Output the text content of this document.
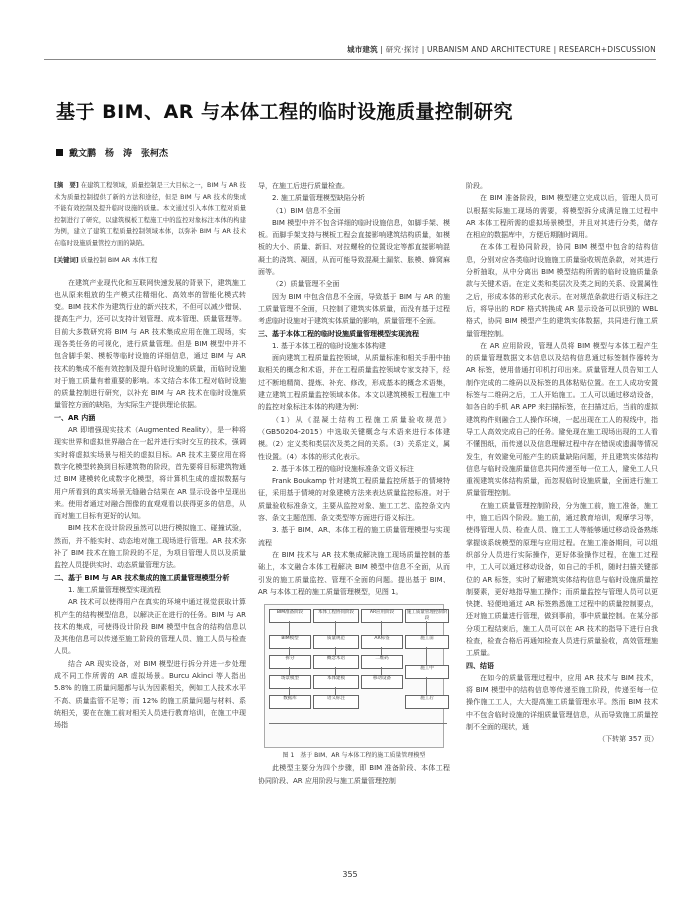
城市建筑 | 研究·探讨 | URBANISM AND ARCHITECTURE | RESEARCH+DISCUSSION
基于 BIM、AR 与本体工程的临时设施质量控制研究
戴文鹏　杨　涛　张柯杰

[摘　要] 在建筑工程领域，质量控制是三大目标之一，BIM 与 AR 技术为质量控制提供了新的方法和途径，但是 BIM 与 AR 技术的集成不能有效控制及提升临时设施的质量。本文通过引入本体工程对质量控制进行了研究，以建筑模板工程施工中的监控对象标注本体的构建为例，建立了建筑工程质量控制领域本体，以弥补 BIM 与 AR 技术在临时设施质量管控方面的缺陷。

[关键词] 质量控制 BIM AR 本体工程

在建筑产业现代化和互联网快速发展的背景下，建筑施工也从原来粗放的生产模式往精细化、高效率的智能化模式转变。BIM 技术作为建筑行业的新兴技术，不但可以减少错误、提高生产力，还可以支持计划管理、成本管理、质量管理等。目前大多数研究将 BIM 与 AR 技术集成应用在施工现场，实现各类任务的可视化，进行质量管理。但是 BIM 模型中并不包含脚手架、模板等临时设施的详细信息，通过 BIM 与 AR 技术的集成不能有效控制及提升临时设施的质量，而临时设施对于施工质量有着重要的影响。本文结合本体工程对临时设施的质量控制进行研究，以补充 BIM 与 AR 技术在临时设施质量管控方面的缺陷，为实际生产提供理论依据。

一、AR 内涵

AR 即增强现实技术（Augmented Reality），是一种将现实世界和虚拟世界融合在一起并进行实时交互的技术，强调实时将虚拟实场景与相关的虚拟目标。AR 技术主要应用在将数字化模型转换到目标建筑物的阶段，首先要将目标建筑物通过 BIM 建模转化成数字化模型，将计算机生成的虚拟数据与用户所看到的真实场景无缝融合结果在 AR 显示设备中呈现出来。使用者通过对融合图像的直观观看以获得更多的信息，从而对施工目标有更好的认知。

BIM 技术在设计阶段虽然可以进行模拟施工、碰撞试验，然而，并不能实时、动态地对施工现场进行管理。AR 技术弥补了 BIM 技术在施工阶段的不足，为项目管理人员以及质量监控人员提供实时、动态质量管理方法。

二、基于 BIM 与 AR 技术集成的施工质量管理模型分析

1. 施工质量管理模型实现流程

AR 技术可以使得用户在真实的环境中通过视觉获取计算机产生的结构模型信息，以解决正在进行的任务。BIM 与 AR 技术的集成，可使得设计阶段 BIM 模型中包含的结构信息以及其他信息可以传递至施工阶段的管理人员、施工人员与检查人员。

结合 AR 现实设备，对 BIM 模型进行拆分并进一步处理成不同工作所需的 AR 虚拟场景。Burcu Akinci 等人指出 5.8% 的施工质量问题都与认为因素相关，例如工人技术水平不高、质量监管不足等；而 12% 的施工质量问题与材料、系统相关，要在在施工前对相关人员进行教育培训，在施工中现场指

导，在施工后进行质量检查。

2. 施工质量管理模型缺陷分析

（1）BIM 信息不全面

BIM 模型中并不包含详细的临时设施信息，如脚手架、模板。而脚手架支持与模板工程会直接影响建筑结构质量，如模板的大小、质量、新旧、对拉螺栓的位置设定等都直接影响混凝土的浇筑、凝固，从而可能导致混凝土漏浆、胀模、蜂窝麻面等。

（2）质量管理不全面

因为 BIM 中包含信息不全面，导致基于 BIM 与 AR 的施工质量管理不全面，只控制了建筑实体质量，而没有基于过程考虑临时设施对于建筑实体质量的影响，质量管理不全面。

三、基于本体工程的临时设施质量管理模型实现流程

1. 基于本体工程的临时设施本体构建

面向建筑工程质量监控领域，从质量标准和相关手册中抽取相关的概念和术语，并在工程质量监控领域专家支持下，经过不断地精简、提炼、补充、修改，形成基本的概念术语集，建立建筑工程质量监控领域本体。本文以建筑模板工程施工中的监控对象标注本体的构建为例：

（1）从《混凝土结构工程施工质量验收规范》（GB50204-2015）中选取关键概念与术语来进行本体建模。（2）定义类和类层次及类之间的关系。（3）关系定义，属性设置。（4）本体的形式化表示。

2. 基于本体工程的临时设施标准条文语义标注

Frank Boukamp 针对建筑工程质量监控所基于的情境特征，采用基于情境的对象建模方法来表达质量监控标准。对于质量验收标准条文，主要从监控对象、施工工艺、监控条文内容、条文主题范围、条文类型等方面进行语义标注。

3. 基于 BIM、AR、本体工程的施工质量管理模型与实现流程

在 BIM 技术与 AR 技术集成解决施工现场质量控制的基础上，本文融合本体工程解决 BIM 模型中信息不全面，从而引发的施工质量监控、管理不全面的问题。提出基于 BIM、AR 与本体工程的施工质量管理模型，见图 1。

BIM准备阶段	本体工程协同阶段	AR应用阶段	施工质量管理控制阶段
BIM模型
拆分
场景模型
数据库
质量规范
概念术语
本体建模
语义标注
AR标签
二维码
移动设备
施工前
施工中
施工后

图 1　基于 BIM、AR 与本体工程的施工质量管理模型

此模型主要分为四个步骤，即 BIM 准备阶段、本体工程协同阶段、AR 应用阶段与施工质量管理控制

阶段。

在 BIM 准备阶段，BIM 模型建立完成以后，管理人员可以根据实际施工现场的需要，将模型拆分成满足施工过程中 AR 本体工程所需的虚拟场景模型，并且对其进行分类，储存在相应的数据库中，方便后期随时调用。

在本体工程协同阶段，协同 BIM 模型中包含的结构信息，分别对应各类临时设施施工质量验收规范条款，对其进行分析抽取，从中分离出 BIM 模型结构所需的临时设施质量条款与关键术语。在定义类和类层次及类之间的关系、设置属性之后，形成本体的形式化表示。在对规范条款进行语义标注之后，将导出的 RDF 格式转换成 AR 显示设备可以识别的 WBL 格式，协同 BIM 模型产生的建筑实体数据，共同进行施工质量管理控制。

在 AR 应用阶段，管理人员将 BIM 模型与本体工程产生的质量管理数据文本信息以及结构信息通过标签制作器转为 AR 标签，使用普通打印机打印出来。质量管理人员告知工人制作完成的二维码以及标签的具体粘贴位置。在工人成功安置标签与二维码之后，工人开始施工。工人可以通过移动设备，如各自的手机 AR APP 来扫描标签，在扫描过后，当前的虚拟建筑构件则融合工人操作环境，一起出现在工人的视线中，指导工人高效完成自己的任务。避免现在施工现场出现的工人看不懂图纸，而传递以及信息理解过程中存在错误或遗漏等情况发生，有效避免可能产生的质量缺陷问题，并且建筑实体结构信息与临时设施质量信息共同传递至每一位工人，避免工人只重视建筑实体结构质量，而忽视临时设施质量，全面进行施工质量管理控制。

在施工质量管理控制阶段，分为施工前，施工准备，施工中，施工后四个阶段。施工前，通过教育培训，观摩学习等，使得管理人员、检查人员、施工工人等能够通过移动设备熟练掌握该系统模型的原理与应用过程。在施工准备期间，可以组织部分人员进行实际操作，更好体验操作过程，在施工过程中，工人可以通过移动设备，如自己的手机，随时扫描关键部位的 AR 标签，实时了解建筑实体结构信息与临时设施质量控制要素，更好地指导施工操作；而质量监控与管理人员可以更快捷、轻便地通过 AR 标签熟悉施工过程中的质量控制要点，还对施工质量进行管理，做到事前，事中质量控制。在某分部分项工程结束后，施工人员可以在 AR 技术的指导下进行自我检查，检查合格后再通知检查人员进行质量验收，高效管理施工质量。

四、结语

在如今的质量管理过程中，应用 AR 技术与 BIM 技术，将 BIM 模型中的结构信息等传递至施工阶段，传递至每一位操作施工工人，大大提高施工质量管理水平。然而 BIM 技术中不包含临时设施的详细质量管理信息，从而导致施工质量控制不全面的现状，通

（下转第 357 页）

355
